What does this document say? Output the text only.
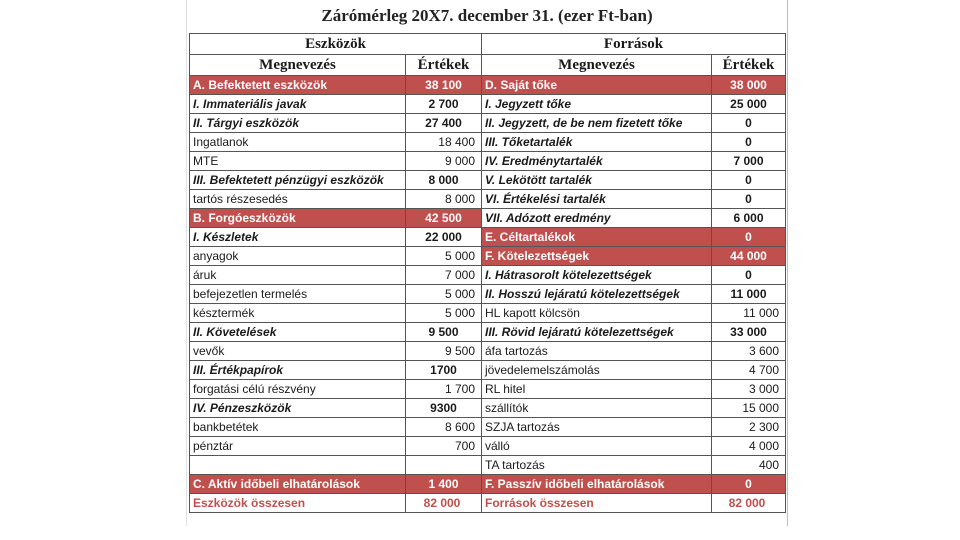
Zárómérleg 20X7. december 31. (ezer Ft-ban)
Eszközök		Források	
Megnevezés	Értékek	Megnevezés	Értékek
A. Befektetett eszközök	38 100	D. Saját tőke	38 000
I. Immateriális javak	2 700	I. Jegyzett tőke	25 000
II. Tárgyi eszközök	27 400	II. Jegyzett, de be nem fizetett tőke	0
Ingatlanok	18 400	III. Tőketartalék	0
MTE	9 000	IV. Eredménytartalék	7 000
III. Befektetett pénzügyi eszközök	8 000	V. Lekötött tartalék	0
tartós részesedés	8 000	VI. Értékelési tartalék	0
B. Forgóeszközök	42 500	VII. Adózott eredmény	6 000
I. Készletek	22 000	E. Céltartalékok	0
anyagok	5 000	F. Kötelezettségek	44 000
áruk	7 000	I. Hátrasorolt kötelezettségek	0
befejezetlen termelés	5 000	II. Hosszú lejáratú kötelezettségek	11 000
késztermék	5 000	HL kapott kölcsön	11 000
II. Követelések	9 500	III. Rövid lejáratú kötelezettségek	33 000
vevők	9 500	áfa tartozás	3 600
III. Értékpapírok	1700	jövedelemelszámolás	4 700
forgatási célú részvény	1 700	RL hitel	3 000
IV. Pénzeszközök	9300	szállítók	15 000
bankbetétek	8 600	SZJA tartozás	2 300
pénztár	700	válló	4 000
		TA tartozás	400
C. Aktív időbeli elhatárolások	1 400	F. Passzív időbeli elhatárolások	0
Eszközök összesen	82 000	Források összesen	82 000
